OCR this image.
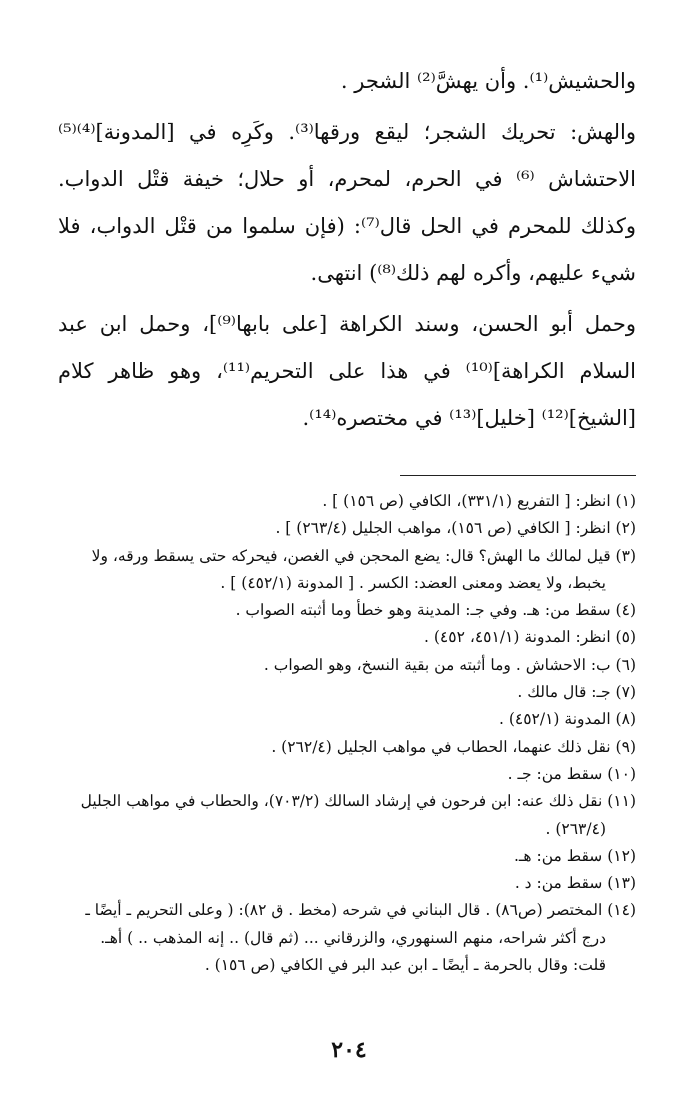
والحشيش⁽¹⁾. وأن يهشَّ⁽²⁾ الشجر .

والهش: تحريك الشجر؛ ليقع ورقها⁽³⁾. وكَرِه في [المدونة]⁽⁴⁾⁽⁵⁾ الاحتشاش ⁽⁶⁾ في الحرم، لمحرم، أو حلال؛ خيفة قتْل الدواب. وكذلك للمحرم في الحل قال⁽⁷⁾: (فإن سلموا من قتْل الدواب، فلا شيء عليهم، وأكره لهم ذلك⁽⁸⁾) انتهى.

وحمل أبو الحسن، وسند الكراهة [على بابها⁽⁹⁾]، وحمل ابن عبد السلام الكراهة]⁽¹⁰⁾ في هذا على التحريم⁽¹¹⁾، وهو ظاهر كلام [الشيخ]⁽¹²⁾ [خليل]⁽¹³⁾ في مختصره⁽¹⁴⁾.

(١) انظر: [ التفريع (٣٣١/١)، الكافي (ص ١٥٦) ] .
(٢) انظر: [ الكافي (ص ١٥٦)، مواهب الجليل (٢٦٣/٤) ] .
(٣) قيل لمالك ما الهش؟ قال: يضع المحجن في الغصن، فيحركه حتى يسقط ورقه، ولا
يخبط، ولا يعضد ومعنى العضد: الكسر . [ المدونة (٤٥٢/١) ] .
(٤) سقط من: هـ. وفي جـ: المدينة وهو خطأ وما أثبته الصواب .
(٥) انظر: المدونة (٤٥١/١، ٤٥٢) .
(٦) ب: الاحشاش . وما أثبته من بقية النسخ، وهو الصواب .
(٧) جـ: قال مالك .
(٨) المدونة (٤٥٢/١) .
(٩) نقل ذلك عنهما، الحطاب في مواهب الجليل (٢٦٢/٤) .
(١٠) سقط من: جـ .
(١١) نقل ذلك عنه: ابن فرحون في إرشاد السالك (٧٠٣/٢)، والحطاب في مواهب الجليل
(٢٦٣/٤) .
(١٢) سقط من: هـ.
(١٣) سقط من: د .
(١٤) المختصر (ص٨٦) . قال البناني في شرحه (مخط . ق ٨٢): ( وعلى التحريم ـ أيضًا ـ
درج أكثر شراحه، منهم السنهوري، والزرقاني ... (ثم قال) .. إنه المذهب .. ) أهـ.
قلت: وقال بالحرمة ـ أيضًا ـ ابن عبد البر في الكافي (ص ١٥٦) .
٢٠٤
